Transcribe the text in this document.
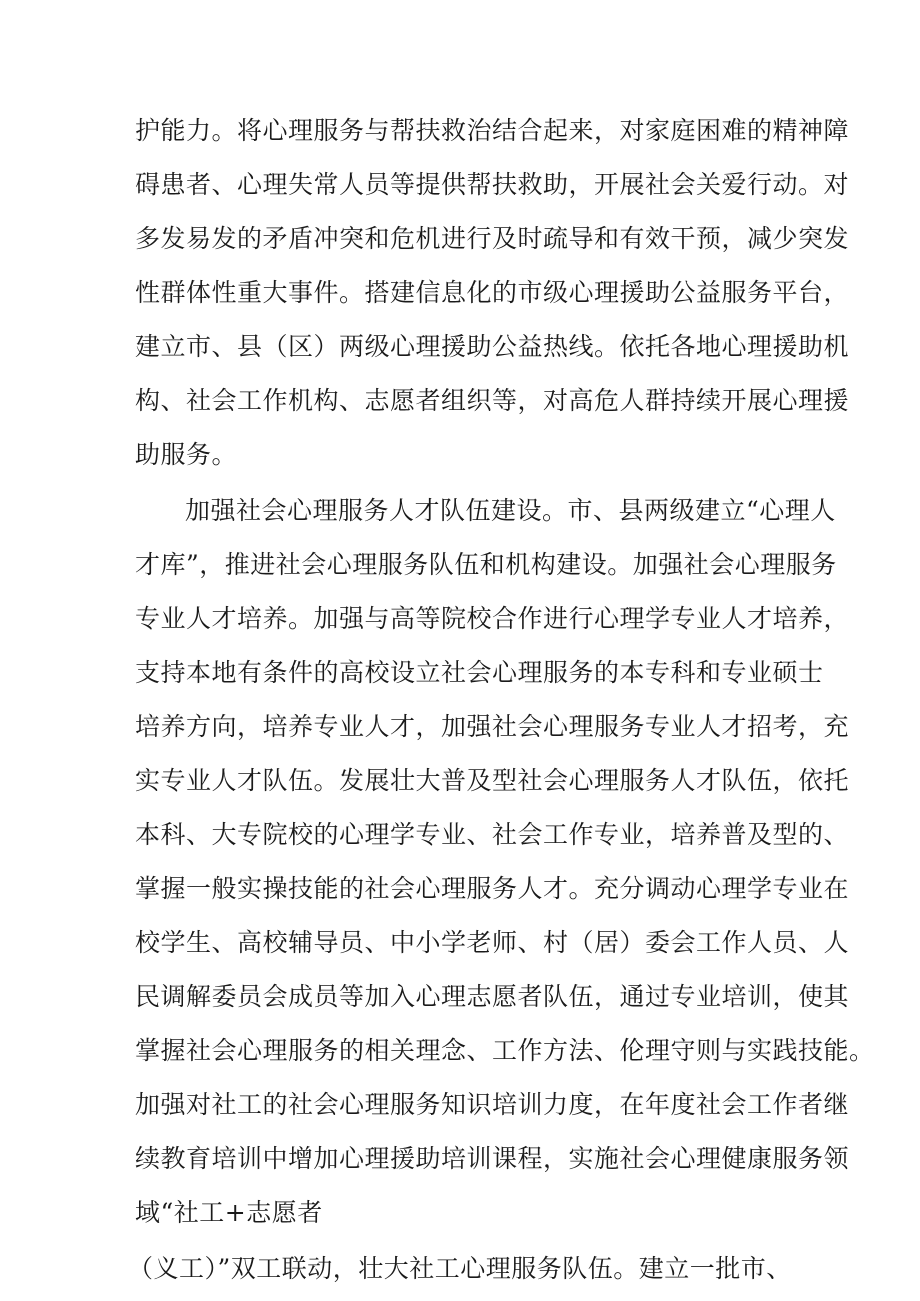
护能力。将心理服务与帮扶救治结合起来，对家庭困难的精神障

碍患者、心理失常人员等提供帮扶救助，开展社会关爱行动。对

多发易发的矛盾冲突和危机进行及时疏导和有效干预，减少突发

性群体性重大事件。搭建信息化的市级心理援助公益服务平台，

建立市、县（区）两级心理援助公益热线。依托各地心理援助机

构、社会工作机构、志愿者组织等，对高危人群持续开展心理援

助服务。

加强社会心理服务人才队伍建设。市、县两级建立“心理人

才库”，推进社会心理服务队伍和机构建设。加强社会心理服务

专业人才培养。加强与高等院校合作进行心理学专业人才培养，

支持本地有条件的高校设立社会心理服务的本专科和专业硕士

培养方向，培养专业人才，加强社会心理服务专业人才招考，充

实专业人才队伍。发展壮大普及型社会心理服务人才队伍，依托

本科、大专院校的心理学专业、社会工作专业，培养普及型的、

掌握一般实操技能的社会心理服务人才。充分调动心理学专业在

校学生、高校辅导员、中小学老师、村（居）委会工作人员、人

民调解委员会成员等加入心理志愿者队伍，通过专业培训，使其

掌握社会心理服务的相关理念、工作方法、伦理守则与实践技能。

加强对社工的社会心理服务知识培训力度，在年度社会工作者继

续教育培训中增加心理援助培训课程，实施社会心理健康服务领

域“社工+志愿者

（义工）”双工联动，壮大社工心理服务队伍。建立一批市、
